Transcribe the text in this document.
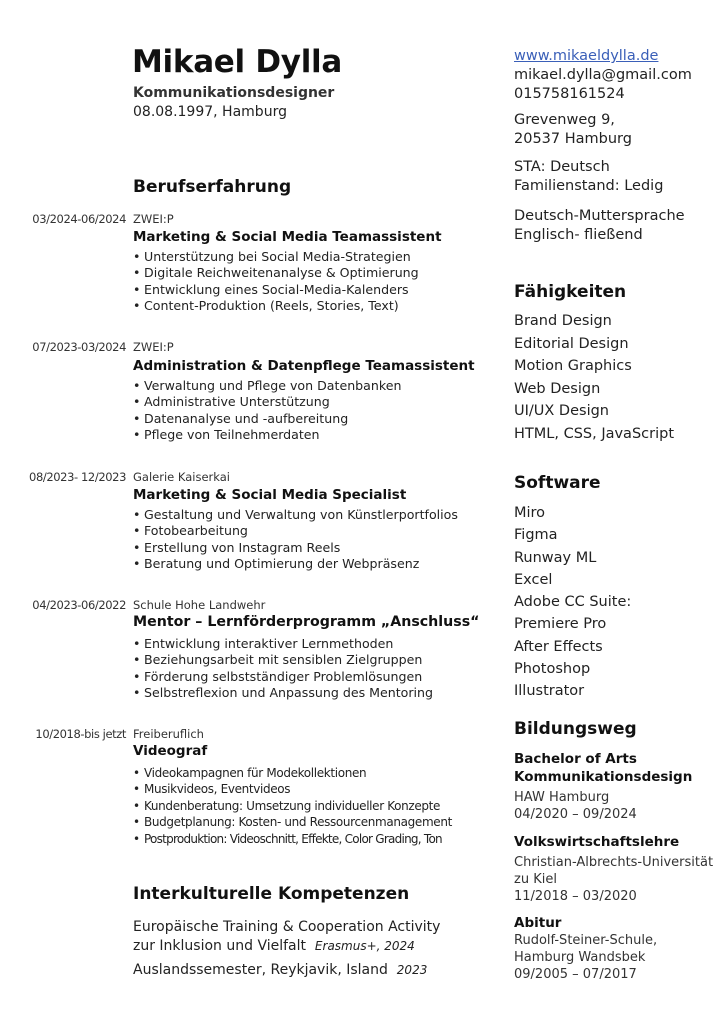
Mikael Dylla
Kommunikationsdesigner
08.08.1997, Hamburg
Berufserfahrung
03/2024-06/2024 ZWEI:P
Marketing & Social Media Teamassistent
• Unterstützung bei Social Media-Strategien
• Digitale Reichweitenanalyse & Optimierung
• Entwicklung eines Social-Media-Kalenders
• Content-Produktion (Reels, Stories, Text)
07/2023-03/2024 ZWEI:P
Administration & Datenpflege Teamassistent
• Verwaltung und Pflege von Datenbanken
• Administrative Unterstützung
• Datenanalyse und -aufbereitung
• Pflege von Teilnehmerdaten
08/2023- 12/2023 Galerie Kaiserkai
Marketing & Social Media Specialist
• Gestaltung und Verwaltung von Künstlerportfolios
• Fotobearbeitung
• Erstellung von Instagram Reels
• Beratung und Optimierung der Webpräsenz
04/2023-06/2022 Schule Hohe Landwehr
Mentor – Lernförderprogramm „Anschluss“
• Entwicklung interaktiver Lernmethoden
• Beziehungsarbeit mit sensiblen Zielgruppen
• Förderung selbstständiger Problemlösungen
• Selbstreflexion und Anpassung des Mentoring
10/2018-bis jetzt Freiberuflich
Videograf
• Videokampagnen für Modekollektionen
• Musikvideos, Eventvideos
• Kundenberatung: Umsetzung individueller Konzepte
• Budgetplanung: Kosten- und Ressourcenmanagement
• Postproduktion: Videoschnitt, Effekte, Color Grading, Ton
Interkulturelle Kompetenzen
Europäische Training & Cooperation Activity
zur Inklusion und Vielfalt Erasmus+, 2024
Auslandssemester, Reykjavik, Island 2023
www.mikaeldylla.de
mikael.dylla@gmail.com
015758161524
Grevenweg 9,
20537 Hamburg
STA: Deutsch
Familienstand: Ledig
Deutsch-Muttersprache
Englisch- fließend
Fähigkeiten
Brand Design
Editorial Design
Motion Graphics
Web Design
UI/UX Design
HTML, CSS, JavaScript
Software
Miro
Figma
Runway ML
Excel
Adobe CC Suite:
Premiere Pro
After Effects
Photoshop
Illustrator
Bildungsweg
Bachelor of Arts
Kommunikationsdesign
HAW Hamburg
04/2020 – 09/2024
Volkswirtschaftslehre
Christian-Albrechts-Universität
zu Kiel
11/2018 – 03/2020
Abitur
Rudolf-Steiner-Schule,
Hamburg Wandsbek
09/2005 – 07/2017
